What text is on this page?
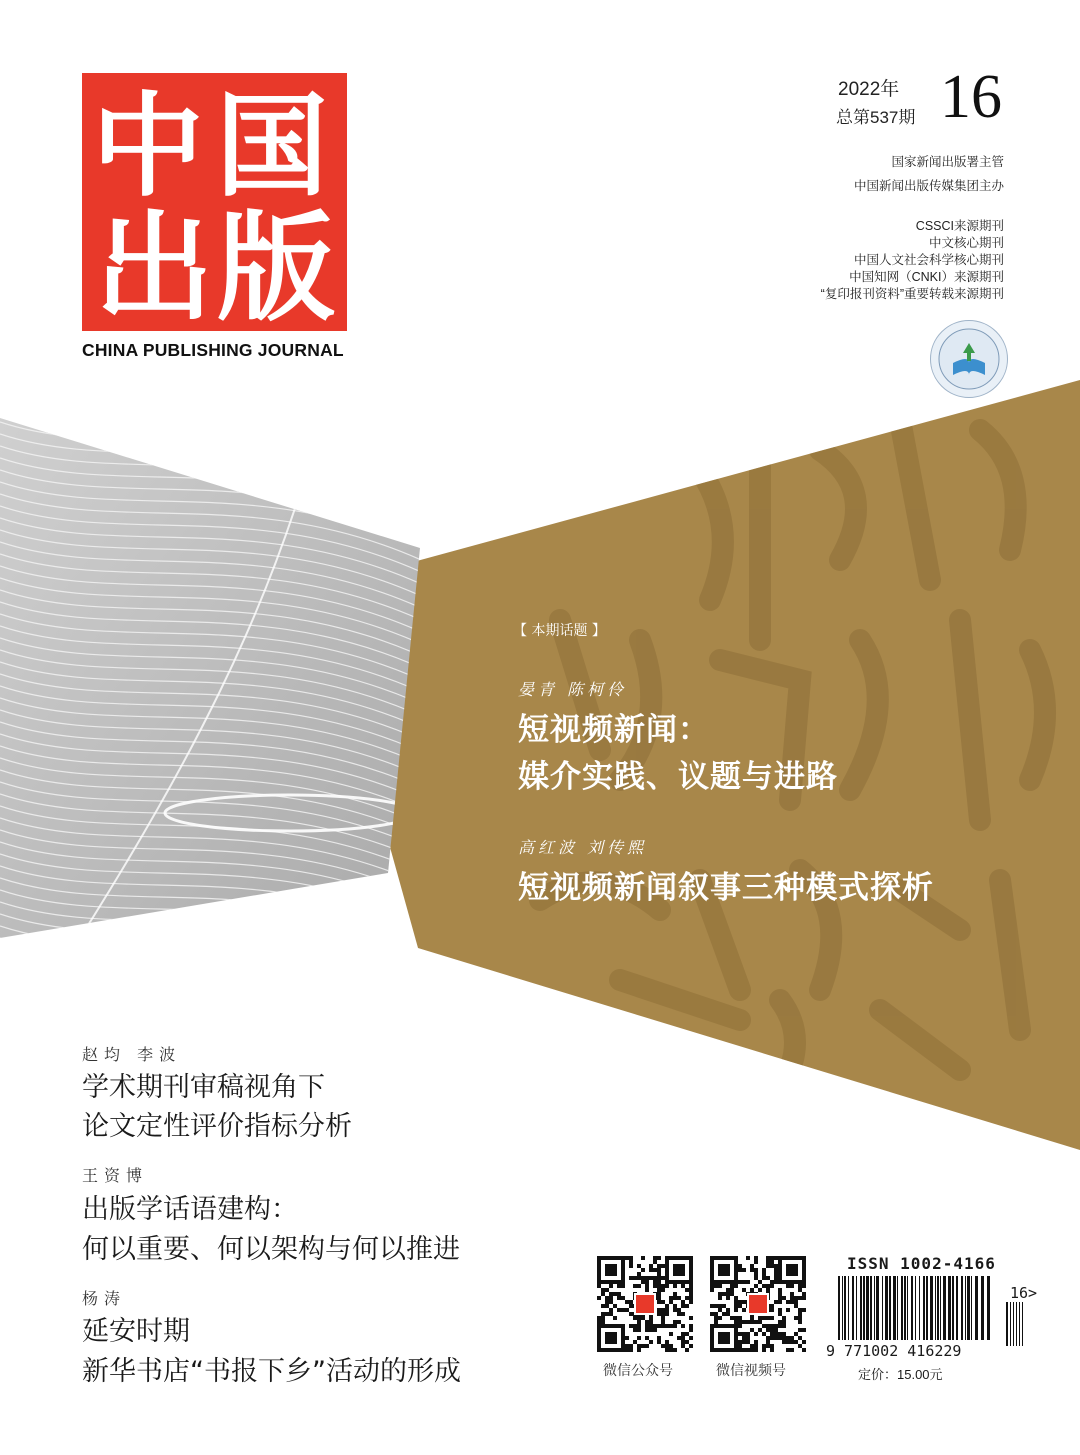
中 国
出 版
CHINA PUBLISHING JOURNAL
2022年
总第537期 16
国家新闻出版署主管
中国新闻出版传媒集团主办
CSSCI来源期刊
中文核心期刊
中国人文社会科学核心期刊
中国知网（CNKI）来源期刊
“复印报刊资料”重要转载来源期刊
【 本期话题 】
晏青 陈柯伶
短视频新闻：
媒介实践、议题与进路
高红波 刘传熙
短视频新闻叙事三种模式探析
赵均 李波
学术期刊审稿视角下
论文定性评价指标分析
王资博
出版学话语建构：
何以重要、何以架构与何以推进
杨涛
延安时期
新华书店“书报下乡”活动的形成	微信公众号	微信视频号
ISSN 1002-4166
16>
9 771002 416229
定价：15.00元
